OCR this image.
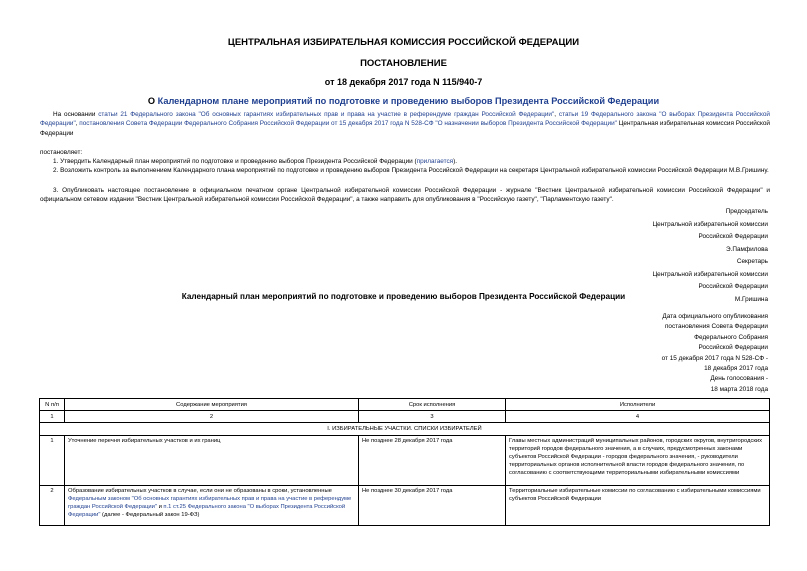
ЦЕНТРАЛЬНАЯ ИЗБИРАТЕЛЬНАЯ КОМИССИЯ РОССИЙСКОЙ ФЕДЕРАЦИИ
ПОСТАНОВЛЕНИЕ
от 18 декабря 2017 года N 115/940-7
О Календарном плане мероприятий по подготовке и проведению выборов Президента Российской Федерации
На основании статьи 21 Федерального закона "Об основных гарантиях избирательных прав и права на участие в референдуме граждан Российской Федерации", статьи 19 Федерального закона "О выборах Президента Российской Федерации", постановления Совета Федерации Федерального Собрания Российской Федерации от 15 декабря 2017 года N 528-СФ "О назначении выборов Президента Российской Федерации" Центральная избирательная комиссия Российской Федерации
постановляет:
1. Утвердить Календарный план мероприятий по подготовке и проведению выборов Президента Российской Федерации (прилагается).
2. Возложить контроль за выполнением Календарного плана мероприятий по подготовке и проведению выборов Президента Российской Федерации на секретаря Центральной избирательной комиссии Российской Федерации М.В.Гришину.
3. Опубликовать настоящее постановление в официальном печатном органе Центральной избирательной комиссии Российской Федерации - журнале "Вестник Центральной избирательной комиссии Российской Федерации" и официальном сетевом издании "Вестник Центральной избирательной комиссии Российской Федерации", а также направить для опубликования в "Российскую газету", "Парламентскую газету".
Председатель
Центральной избирательной комиссии
Российской Федерации
Э.Памфилова
Секретарь
Центральной избирательной комиссии
Российской Федерации
М.Гришина
Календарный план мероприятий по подготовке и проведению выборов Президента Российской Федерации
Дата официального опубликования
постановления Совета Федерации
Федерального Собрания
Российской Федерации
от 15 декабря 2017 года N 528-СФ -
18 декабря 2017 года
День голосования -
18 марта 2018 года
N п/п	Содержание мероприятия	Срок исполнения	Исполнители
1	2	3	4
I. ИЗБИРАТЕЛЬНЫЕ УЧАСТКИ. СПИСКИ ИЗБИРАТЕЛЕЙ			
1	Уточнение перечня избирательных участков и их границ	Не позднее 28 декабря 2017 года	Главы местных администраций муниципальных районов, городских округов, внутригородских территорий городов федерального значения, а в случаях, предусмотренных законами субъектов Российской Федерации - городов федерального значения, - руководители территориальных органов исполнительной власти городов федерального значения, по согласованию с соответствующими территориальными избирательными комиссиями
2	Образование избирательных участков в случае, если они не образованы в сроки, установленные Федеральным законом "Об основных гарантиях избирательных прав и права на участие в референдуме граждан Российской Федерации" и п.1 ст.25 Федерального закона "О выборах Президента Российской Федерации" (далее - Федеральный закон 19-ФЗ)	Не позднее 30 декабря 2017 года	Территориальные избирательные комиссии по согласованию с избирательными комиссиями субъектов Российской Федерации
